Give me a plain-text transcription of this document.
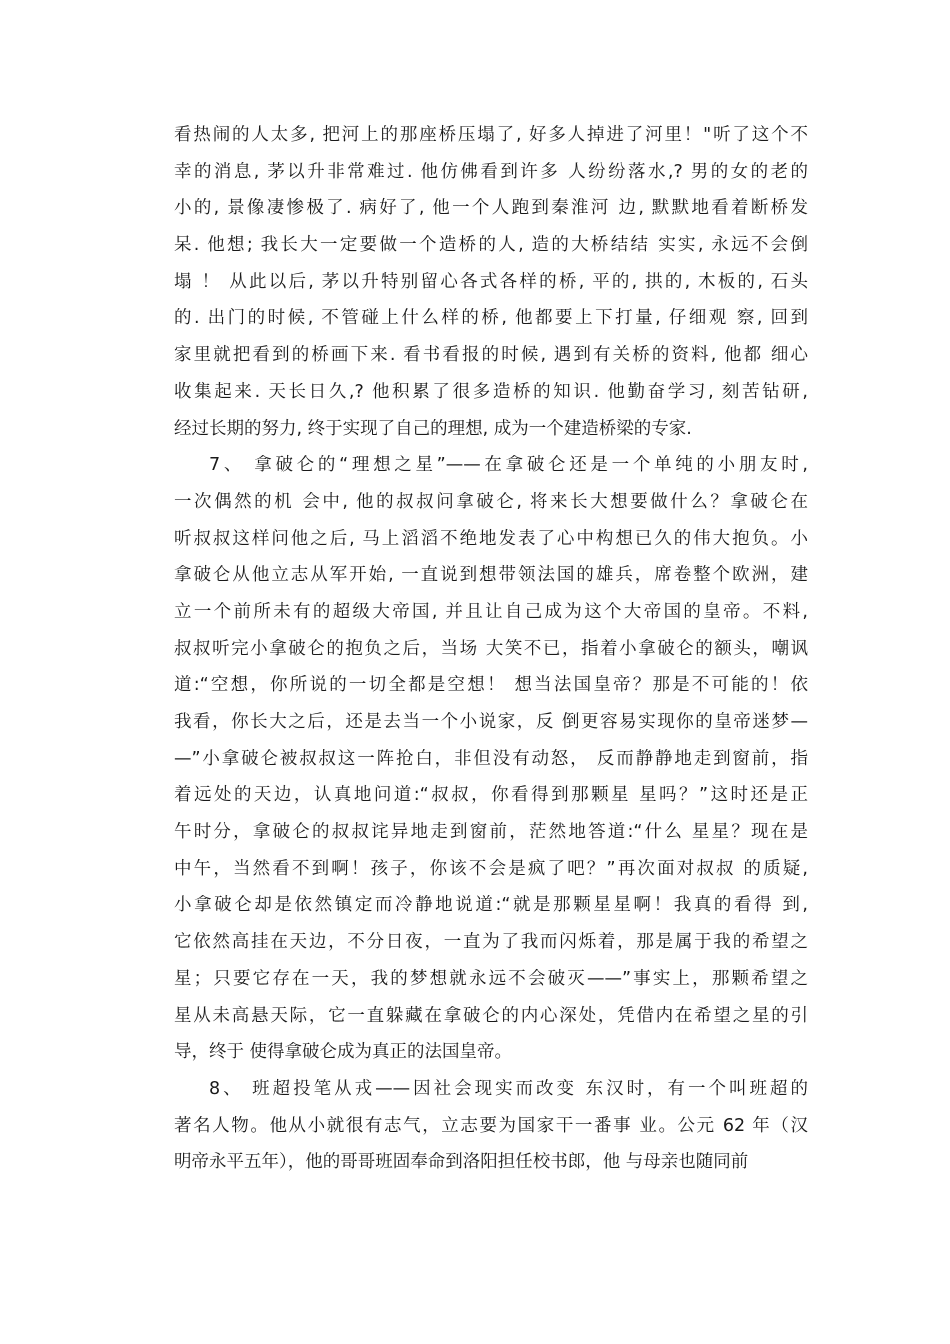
看热闹的人太多, 把河上的那座桥压塌了, 好多人掉进了河里！"听了这个不
幸的消息, 茅以升非常难过. 他仿佛看到许多 人纷纷落水,? 男的女的老的
小的, 景像凄惨极了. 病好了, 他一个人跑到秦淮河 边, 默默地看着断桥发
呆. 他想; 我长大一定要做一个造桥的人, 造的大桥结结 实实, 永远不会倒
塌 ！ 从此以后, 茅以升特别留心各式各样的桥, 平的, 拱的, 木板的, 石头
的. 出门的时候, 不管碰上什么样的桥, 他都要上下打量, 仔细观 察, 回到
家里就把看到的桥画下来. 看书看报的时候, 遇到有关桥的资料, 他都 细心
收集起来. 天长日久,? 他积累了很多造桥的知识. 他勤奋学习, 刻苦钻研,
经过长期的努力, 终于实现了自己的理想, 成为一个建造桥梁的专家.
7、 拿破仑的“理想之星”——在拿破仑还是一个单纯的小朋友时,
一次偶然的机 会中, 他的叔叔问拿破仑, 将来长大想要做什么？拿破仑在
听叔叔这样问他之后, 马上滔滔不绝地发表了心中构想已久的伟大抱负。小
拿破仑从他立志从军开始, 一直说到想带领法国的雄兵，席卷整个欧洲，建
立一个前所未有的超级大帝国, 并且让自己成为这个大帝国的皇帝。不料,
叔叔听完小拿破仑的抱负之后，当场 大笑不已，指着小拿破仑的额头，嘲讽
道:“空想，你所说的一切全都是空想！ 想当法国皇帝？那是不可能的！依
我看，你长大之后，还是去当一个小说家，反 倒更容易实现你的皇帝迷梦—
—”小拿破仑被叔叔这一阵抢白，非但没有动怒， 反而静静地走到窗前，指
着远处的天边，认真地问道:“叔叔，你看得到那颗星 星吗？”这时还是正
午时分，拿破仑的叔叔诧异地走到窗前，茫然地答道:“什么 星星？现在是
中午，当然看不到啊！孩子，你该不会是疯了吧？”再次面对叔叔 的质疑,
小拿破仑却是依然镇定而冷静地说道:“就是那颗星星啊！我真的看得 到,
它依然高挂在天边，不分日夜，一直为了我而闪烁着，那是属于我的希望之
星；只要它存在一天，我的梦想就永远不会破灭——”事实上，那颗希望之
星从未高悬天际，它一直躲藏在拿破仑的内心深处，凭借内在希望之星的引
导，终于 使得拿破仑成为真正的法国皇帝。
8、 班超投笔从戎——因社会现实而改变 东汉时，有一个叫班超的
著名人物。他从小就很有志气，立志要为国家干一番事 业。公元 62 年（汉
明帝永平五年），他的哥哥班固奉命到洛阳担任校书郎，他 与母亲也随同前
